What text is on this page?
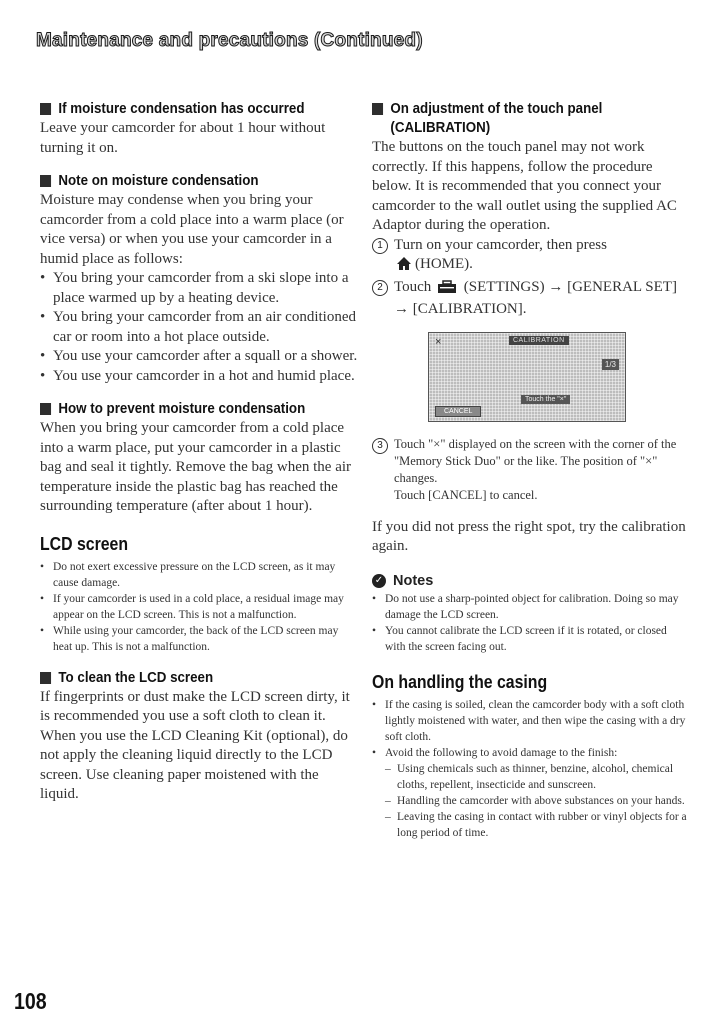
Maintenance and precautions (Continued)
If moisture condensation has occurred

Leave your camcorder for about 1 hour without turning it on.

Note on moisture condensation

Moisture may condense when you bring your camcorder from a cold place into a warm place (or vice versa) or when you use your camcorder in a humid place as follows:

• You bring your camcorder from a ski slope into a place warmed up by a heating device.
• You bring your camcorder from an air conditioned car or room into a hot place outside.
• You use your camcorder after a squall or a shower.
• You use your camcorder in a hot and humid place.
How to prevent moisture condensation

When you bring your camcorder from a cold place into a warm place, put your camcorder in a plastic bag and seal it tightly. Remove the bag when the air temperature inside the plastic bag has reached the surrounding temperature (after about 1 hour).

LCD screen
• Do not exert excessive pressure on the LCD screen, as it may cause damage.
• If your camcorder is used in a cold place, a residual image may appear on the LCD screen. This is not a malfunction.
• While using your camcorder, the back of the LCD screen may heat up. This is not a malfunction.
To clean the LCD screen

If fingerprints or dust make the LCD screen dirty, it is recommended you use a soft cloth to clean it. When you use the LCD Cleaning Kit (optional), do not apply the cleaning liquid directly to the LCD screen. Use cleaning paper moistened with the liquid.

On adjustment of the touch panel (CALIBRATION)

The buttons on the touch panel may not work correctly. If this happens, follow the procedure below. It is recommended that you connect your camcorder to the wall outlet using the supplied AC Adaptor during the operation.

1 Turn on your camcorder, then press
(HOME).
2 Touch (SETTINGS) → [GENERAL SET] → [CALIBRATION].
×	CALIBRATION
1/3
Touch the "×"
CANCEL
3 Touch "×" displayed on the screen with the corner of the "Memory Stick Duo" or the like. The position of "×" changes.
Touch [CANCEL] to cancel.

If you did not press the right spot, try the calibration again.

✓ Notes
• Do not use a sharp-pointed object for calibration. Doing so may damage the LCD screen.
• You cannot calibrate the LCD screen if it is rotated, or closed with the screen facing out.
On handling the casing
• If the casing is soiled, clean the camcorder body with a soft cloth lightly moistened with water, and then wipe the casing with a dry soft cloth.
• Avoid the following to avoid damage to the finish:
– Using chemicals such as thinner, benzine, alcohol, chemical cloths, repellent, insecticide and sunscreen.
– Handling the camcorder with above substances on your hands.
– Leaving the casing in contact with rubber or vinyl objects for a long period of time.
108
